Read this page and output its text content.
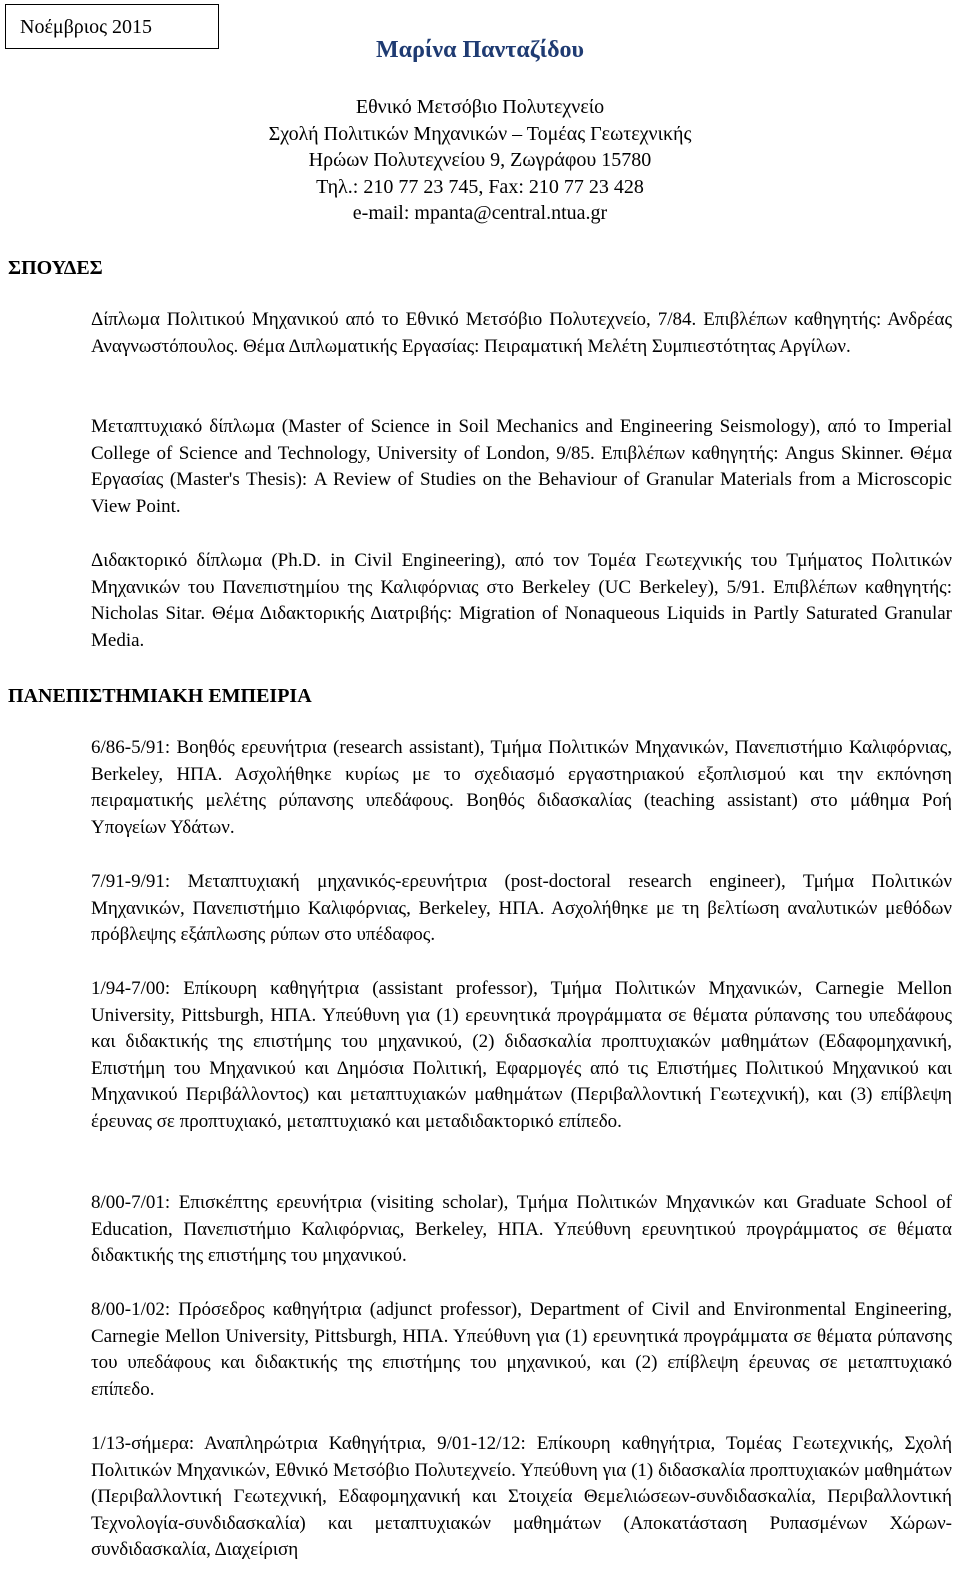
Νοέμβριος 2015
Μαρίνα Πανταζίδου
Εθνικό Μετσόβιο Πολυτεχνείο
Σχολή Πολιτικών Μηχανικών – Τομέας Γεωτεχνικής
Ηρώων Πολυτεχνείου 9, Ζωγράφου 15780
Τηλ.: 210 77 23 745, Fax: 210 77 23 428
e-mail: mpanta@central.ntua.gr
ΣΠΟΥΔΕΣ
Δίπλωμα Πολιτικού Μηχανικού από το Εθνικό Μετσόβιο Πολυτεχνείο, 7/84. Επιβλέπων καθηγητής: Ανδρέας Αναγνωστόπουλος. Θέμα Διπλωματικής Εργασίας: Πειραματική Μελέτη Συμπιεστότητας Αργίλων.
Μεταπτυχιακό δίπλωμα (Master of Science in Soil Mechanics and Engineering Seismology), από το Imperial College of Science and Technology, University of London, 9/85. Επιβλέπων καθηγητής: Angus Skinner. Θέμα Εργασίας (Master's Thesis): A Review of Studies on the Behaviour of Granular Materials from a Microscopic View Point.
Διδακτορικό δίπλωμα (Ph.D. in Civil Engineering), από τον Τομέα Γεωτεχνικής του Τμήματος Πολιτικών Μηχανικών του Πανεπιστημίου της Καλιφόρνιας στο Berkeley (UC Berkeley), 5/91. Επιβλέπων καθηγητής: Nicholas Sitar. Θέμα Διδακτορικής Διατριβής: Migration of Nonaqueous Liquids in Partly Saturated Granular Media.
ΠΑΝΕΠΙΣΤΗΜΙΑΚΗ ΕΜΠΕΙΡΙΑ
6/86-5/91: Βοηθός ερευνήτρια (research assistant), Τμήμα Πολιτικών Μηχανικών, Πανεπιστήμιο Καλιφόρνιας, Berkeley, ΗΠΑ. Ασχολήθηκε κυρίως με το σχεδιασμό εργαστηριακού εξοπλισμού και την εκπόνηση πειραματικής μελέτης ρύπανσης υπεδάφους. Βοηθός διδασκαλίας (teaching assistant) στο μάθημα Ροή Υπογείων Υδάτων.
7/91-9/91: Μεταπτυχιακή μηχανικός-ερευνήτρια (post-doctoral research engineer), Τμήμα Πολιτικών Μηχανικών, Πανεπιστήμιο Καλιφόρνιας, Berkeley, ΗΠΑ. Ασχολήθηκε με τη βελτίωση αναλυτικών μεθόδων πρόβλεψης εξάπλωσης ρύπων στο υπέδαφος.
1/94-7/00: Επίκουρη καθηγήτρια (assistant professor), Τμήμα Πολιτικών Μηχανικών, Carnegie Mellon University, Pittsburgh, ΗΠΑ. Υπεύθυνη για (1) ερευνητικά προγράμματα σε θέματα ρύπανσης του υπεδάφους και διδακτικής της επιστήμης του μηχανικού, (2) διδασκαλία προπτυχιακών μαθημάτων (Εδαφομηχανική, Επιστήμη του Μηχανικού και Δημόσια Πολιτική, Εφαρμογές από τις Επιστήμες Πολιτικού Μηχανικού και Μηχανικού Περιβάλλοντος) και μεταπτυχιακών μαθημάτων (Περιβαλλοντική Γεωτεχνική), και (3) επίβλεψη έρευνας σε προπτυχιακό, μεταπτυχιακό και μεταδιδακτορικό επίπεδο.
8/00-7/01: Επισκέπτης ερευνήτρια (visiting scholar), Τμήμα Πολιτικών Μηχανικών και Graduate School of Education, Πανεπιστήμιο Καλιφόρνιας, Berkeley, ΗΠΑ. Υπεύθυνη ερευνητικού προγράμματος σε θέματα διδακτικής της επιστήμης του μηχανικού.
8/00-1/02: Πρόσεδρος καθηγήτρια (adjunct professor), Department of Civil and Environmental Engineering, Carnegie Mellon University, Pittsburgh, ΗΠΑ. Υπεύθυνη για (1) ερευνητικά προγράμματα σε θέματα ρύπανσης του υπεδάφους και διδακτικής της επιστήμης του μηχανικού, και (2) επίβλεψη έρευνας σε μεταπτυχιακό επίπεδο.
1/13-σήμερα: Αναπληρώτρια Καθηγήτρια, 9/01-12/12: Επίκουρη καθηγήτρια, Τομέας Γεωτεχνικής, Σχολή Πολιτικών Μηχανικών, Εθνικό Μετσόβιο Πολυτεχνείο. Υπεύθυνη για (1) διδασκαλία προπτυχιακών μαθημάτων (Περιβαλλοντική Γεωτεχνική, Εδαφομηχανική και Στοιχεία Θεμελιώσεων-συνδιδασκαλία, Περιβαλλοντική Τεχνολογία-συνδιδασκαλία) και μεταπτυχιακών μαθημάτων (Αποκατάσταση Ρυπασμένων Χώρων-συνδιδασκαλία, Διαχείριση
